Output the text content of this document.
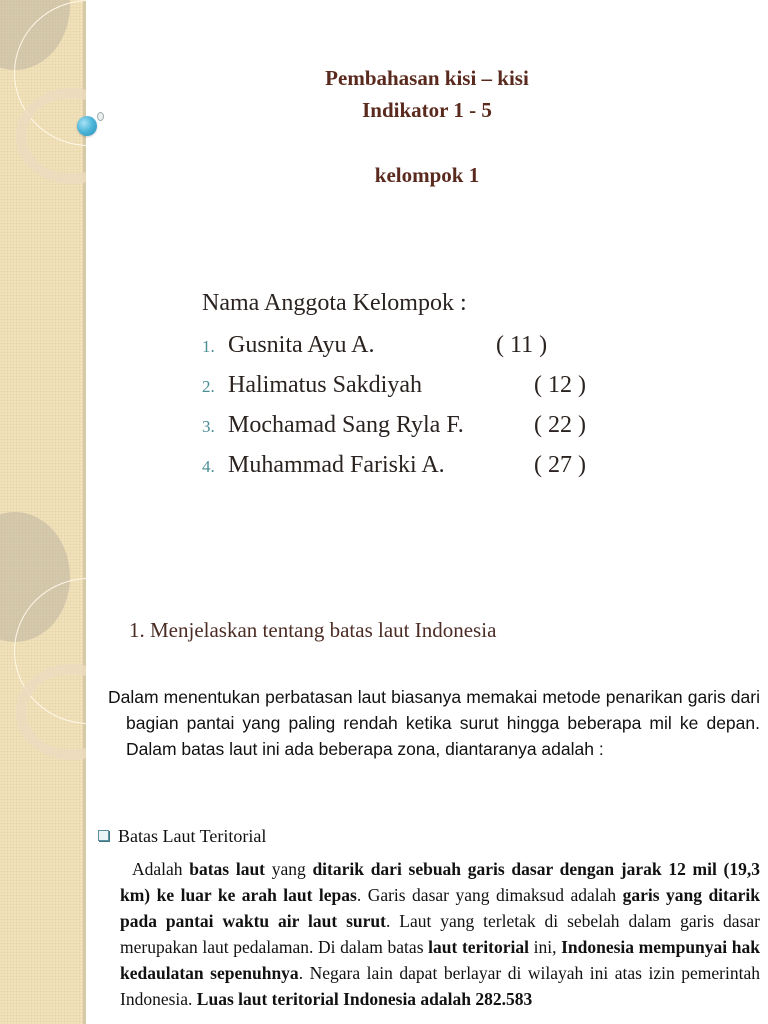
Pembahasan kisi – kisi
Indikator 1 - 5
kelompok 1
Nama Anggota Kelompok :
1. Gusnita Ayu A.	( 11 )
2. Halimatus Sakdiyah	( 12 )
3. Mochamad Sang Ryla F.	( 22 )
4. Muhammad Fariski A.	( 27 )
1. Menjelaskan tentang batas laut Indonesia
Dalam menentukan perbatasan laut biasanya memakai metode penarikan garis dari bagian pantai yang paling rendah ketika surut hingga beberapa mil ke depan. Dalam batas laut ini ada beberapa zona, diantaranya adalah :
Batas Laut Teritorial
Adalah batas laut yang ditarik dari sebuah garis dasar dengan jarak 12 mil (19,3 km) ke luar ke arah laut lepas. Garis dasar yang dimaksud adalah garis yang ditarik pada pantai waktu air laut surut. Laut yang terletak di sebelah dalam garis dasar merupakan laut pedalaman. Di dalam batas laut teritorial ini, Indonesia mempunyai hak kedaulatan sepenuhnya. Negara lain dapat berlayar di wilayah ini atas izin pemerintah Indonesia. Luas laut teritorial Indonesia adalah 282.583
